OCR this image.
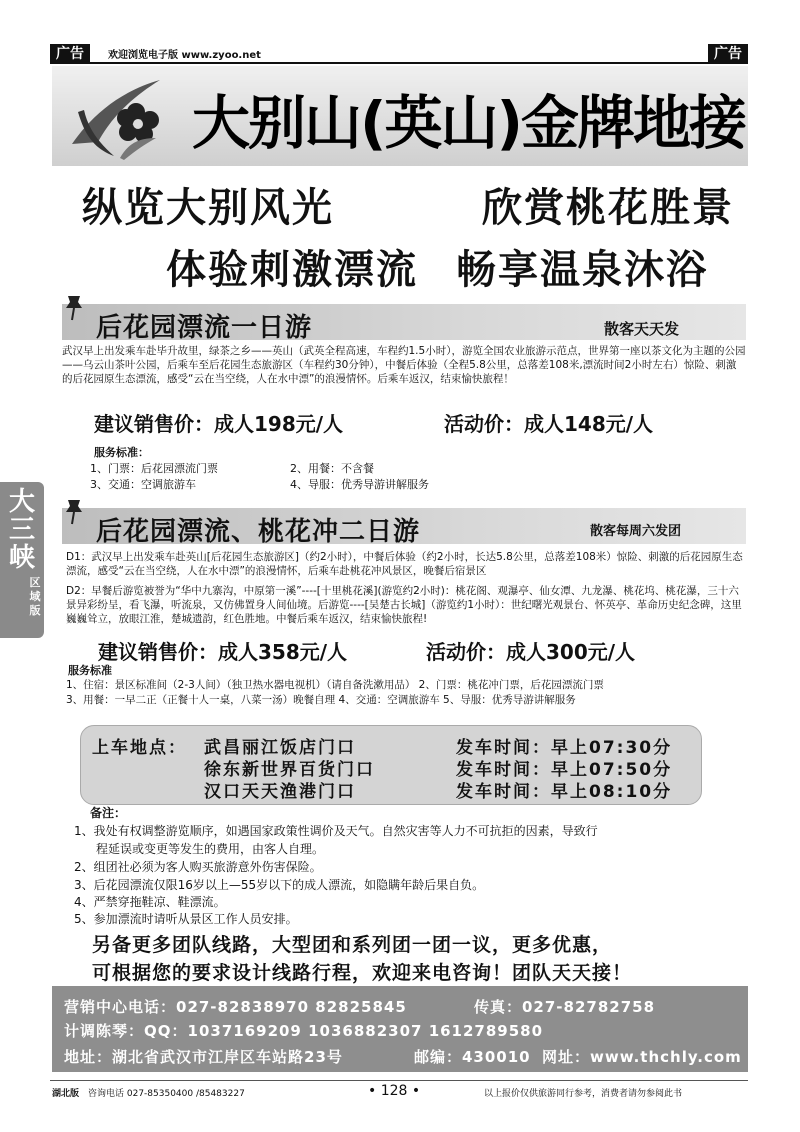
广告	欢迎浏览电子版 www.zyoo.net	广告
大别山(英山)金牌地接
纵览大别风光	欣赏桃花胜景
体验刺激漂流 畅享温泉沐浴
后花园漂流一日游	散客天天发
武汉早上出发乘车赴毕升故里，绿茶之乡——英山（武英全程高速，车程约1.5小时），游览全国农业旅游示范点，世界第一座以茶文化为主题的公园——乌云山茶叶公园，后乘车至后花园生态旅游区（车程约30分钟），中餐后体验（全程5.8公里，总落差108米,漂流时间2小时左右）惊险、刺激的后花园原生态漂流，感受“云在当空绕，人在水中漂”的浪漫情怀。后乘车返汉，结束愉快旅程！
建议销售价：成人198元/人	活动价：成人148元/人
服务标准：
1、门票：后花园漂流门票	2、用餐：不含餐
3、交通：空调旅游车	4、导服：优秀导游讲解服务
大三峡
区域版
后花园漂流、桃花冲二日游	散客每周六发团
D1：武汉早上出发乘车赴英山[后花园生态旅游区]（约2小时），中餐后体验（约2小时，长达5.8公里，总落差108米）惊险、刺激的后花园原生态漂流，感受“云在当空绕，人在水中漂”的浪漫情怀，后乘车赴桃花冲风景区，晚餐后宿景区
D2：早餐后游览被誉为“华中九寨沟，中原第一溪”----[十里桃花溪](游览约2小时)：桃花阁、观瀑亭、仙女潭、九龙瀑、桃花坞、桃花瀑，三十六景异彩纷呈，看飞瀑，听流泉，又仿佛置身人间仙境。后游览----[吴楚古长城]（游览约1小时）：世纪曙光观景台、怀英亭、革命历史纪念碑，这里巍巍耸立，放眼江淮，楚城遗韵，红色胜地。中餐后乘车返汉，结束愉快旅程!
建议销售价：成人358元/人	活动价：成人300元/人
服务标准
1、住宿：景区标准间（2-3人间）（独卫热水器电视机）（请自备洗漱用品） 2、门票：桃花冲门票，后花园漂流门票
3、用餐：一早二正（正餐十人一桌，八菜一汤）晚餐自理 4、交通：空调旅游车 5、导服：优秀导游讲解服务
上车地点： 武昌丽江饭店门口	发车时间：早上07:30分
徐东新世界百货门口	发车时间：早上07:50分
汉口天天渔港门口	发车时间：早上08:10分
备注：
1、我处有权调整游览顺序，如遇国家政策性调价及天气。自然灾害等人力不可抗拒的因素，导致行
程延误或变更等发生的费用，由客人自理。
2、组团社必须为客人购买旅游意外伤害保险。
3、后花园漂流仅限16岁以上—55岁以下的成人漂流，如隐瞒年龄后果自负。
4、严禁穿拖鞋凉、鞋漂流。
5、参加漂流时请听从景区工作人员安排。
另备更多团队线路，大型团和系列团一团一议，更多优惠，
可根据您的要求设计线路行程，欢迎来电咨询！团队天天接！
营销中心电话：027-82838970 82825845	传真：027-82782758
计调陈琴：QQ：1037169209 1036882307 1612789580
地址：湖北省武汉市江岸区车站路23号	邮编：430010 网址：www.thchly.com
湖北版 咨询电话 027-85350400 /85483227	• 128 •	以上报价仅供旅游同行参考，消费者请勿参阅此书
